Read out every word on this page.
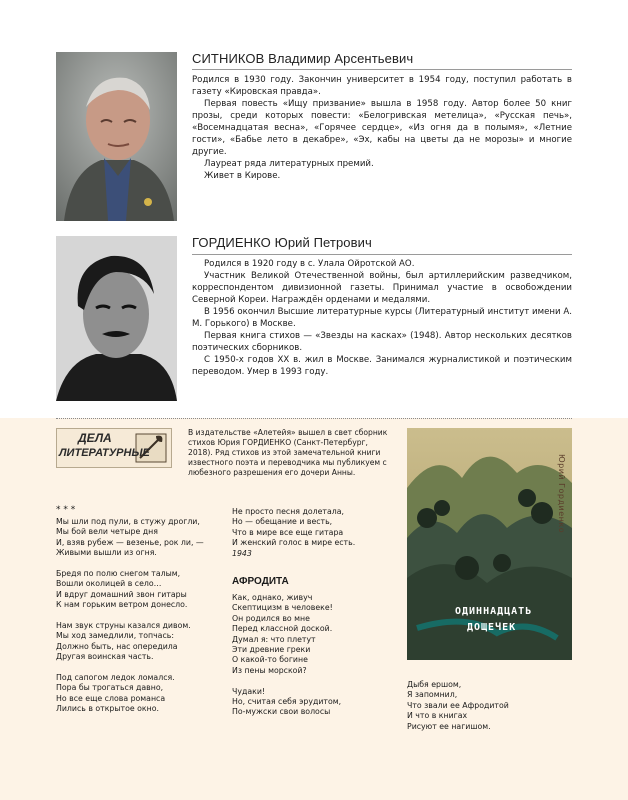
СИТНИКОВ Владимир Арсентьевич

Родился в 1930 году. Закончин университет в 1954 году, поступил работать в газету «Кировская правда».

Первая повесть «Ищу призвание» вышла в 1958 году. Автор более 50 книг прозы, среди которых повести: «Белогривская метелица», «Русская печь», «Восемнадцатая весна», «Горячее сердце», «Из огня да в полымя», «Летние гости», «Бабье лето в декабре», «Эх, кабы на цветы да не морозы» и многие другие.

Лауреат ряда литературных премий.

Живет в Кирове.

ГОРДИЕНКО Юрий Петрович

Родился в 1920 году в с. Улала Ойротской АО.

Участник Великой Отечественной войны, был артиллерийским разведчиком, корреспондентом дивизионной газеты. Принимал участие в освобождении Северной Кореи. Награждён орденами и медалями.

В 1956 окончил Высшие литературные курсы (Литературный институт имени А. М. Горького) в Москве.

Первая книга стихов — «Звезды на касках» (1948). Автор нескольких десятков поэтических сборников.

С 1950-х годов XX в. жил в Москве. Занимался журналистикой и поэтическим переводом. Умер в 1993 году.

ДЕЛА
ЛИТЕРАТУРНЫЕ
В издательстве «Алетейя» вышел в свет сборник стихов Юрия ГОРДИЕНКО (Санкт-Петербург, 2018). Ряд стихов из этой замечательной книги известного поэта и переводчика мы публикуем с любезного разрешения его дочери Анны.
* * *
Мы шли под пули, в стужу дрогли,
Мы бой вели четыре дня
И, взяв рубеж — везенье, рок ли, —
Живыми вышли из огня.
Бредя по полю снегом талым,
Вошли околицей в село…
И вдруг домашний звон гитары
К нам горьким ветром донесло.
Нам звук струны казался дивом.
Мы ход замедлили, топчась:
Должно быть, нас опередила
Другая воинская часть.
Под сапогом ледок ломался.
Пора бы трогаться давно,
Но все еще слова романса
Лились в открытое окно.
Не просто песня долетала,
Но — обещание и весть,
Что в мире все еще гитара
И женский голос в мире есть.
1943
АФРОДИТА
Как, однако, живуч
Скептицизм в человеке!
Он родился во мне
Перед классной доской.
Думал я: что плетут
Эти древние греки
О какой-то богине
Из пены морской?
Чудаки!
Но, считая себя эрудитом,
По-мужски свои волосы
Юрий Гордиенко
ОДИННАДЦАТЬ
ДОЩЕЧЕК
Дыбя ершом,
Я запомнил,
Что звали ее Афродитой
И что в книгах
Рисуют ее нагишом.
